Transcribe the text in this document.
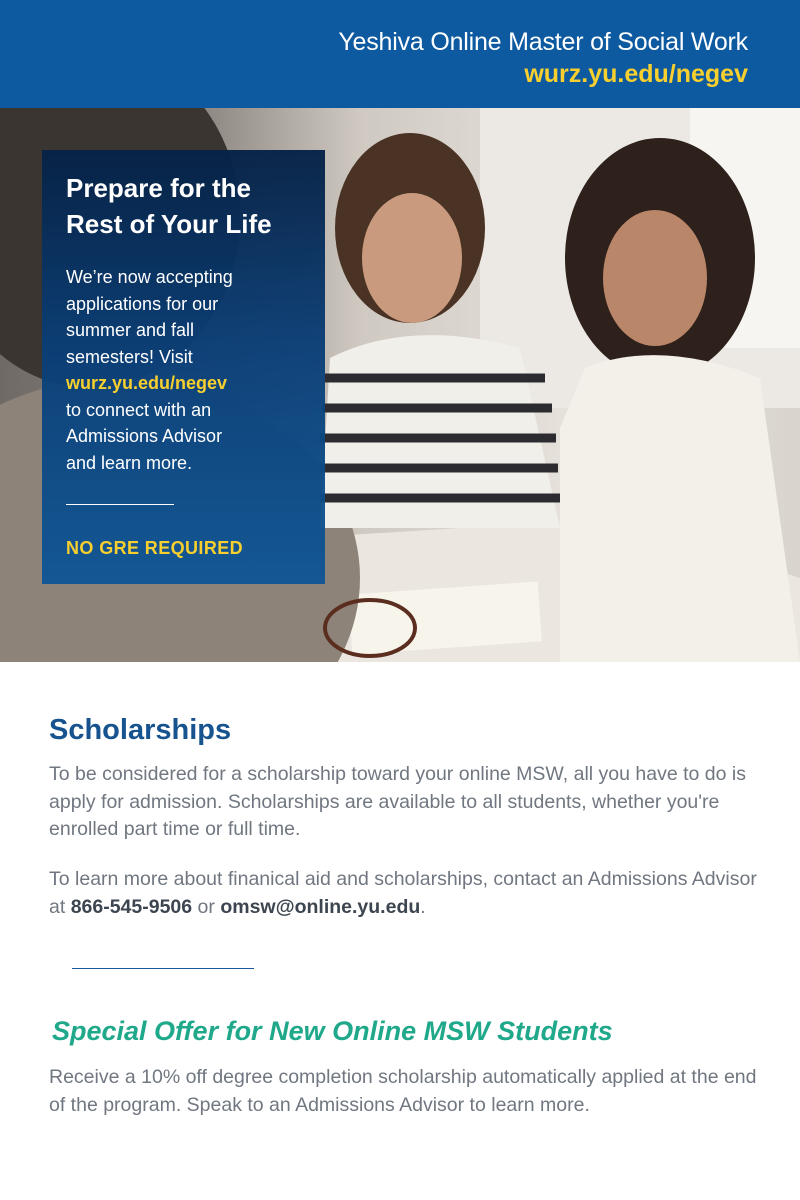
Yeshiva Online Master of Social Work
wurz.yu.edu/negev
Prepare for the
Rest of Your Life
We’re now accepting
applications for our
summer and fall
semesters! Visit
wurz.yu.edu/negev
to connect with an
Admissions Advisor
and learn more.
NO GRE REQUIRED
Scholarships
To be considered for a scholarship toward your online MSW, all you have to do is apply for admission. Scholarships are available to all students, whether you're enrolled part time or full time.
To learn more about finanical aid and scholarships, contact an Admissions Advisor at 866-545-9506 or omsw@online.yu.edu.
Special Offer for New Online MSW Students
Receive a 10% off degree completion scholarship automatically applied at the end of the program. Speak to an Admissions Advisor to learn more.
